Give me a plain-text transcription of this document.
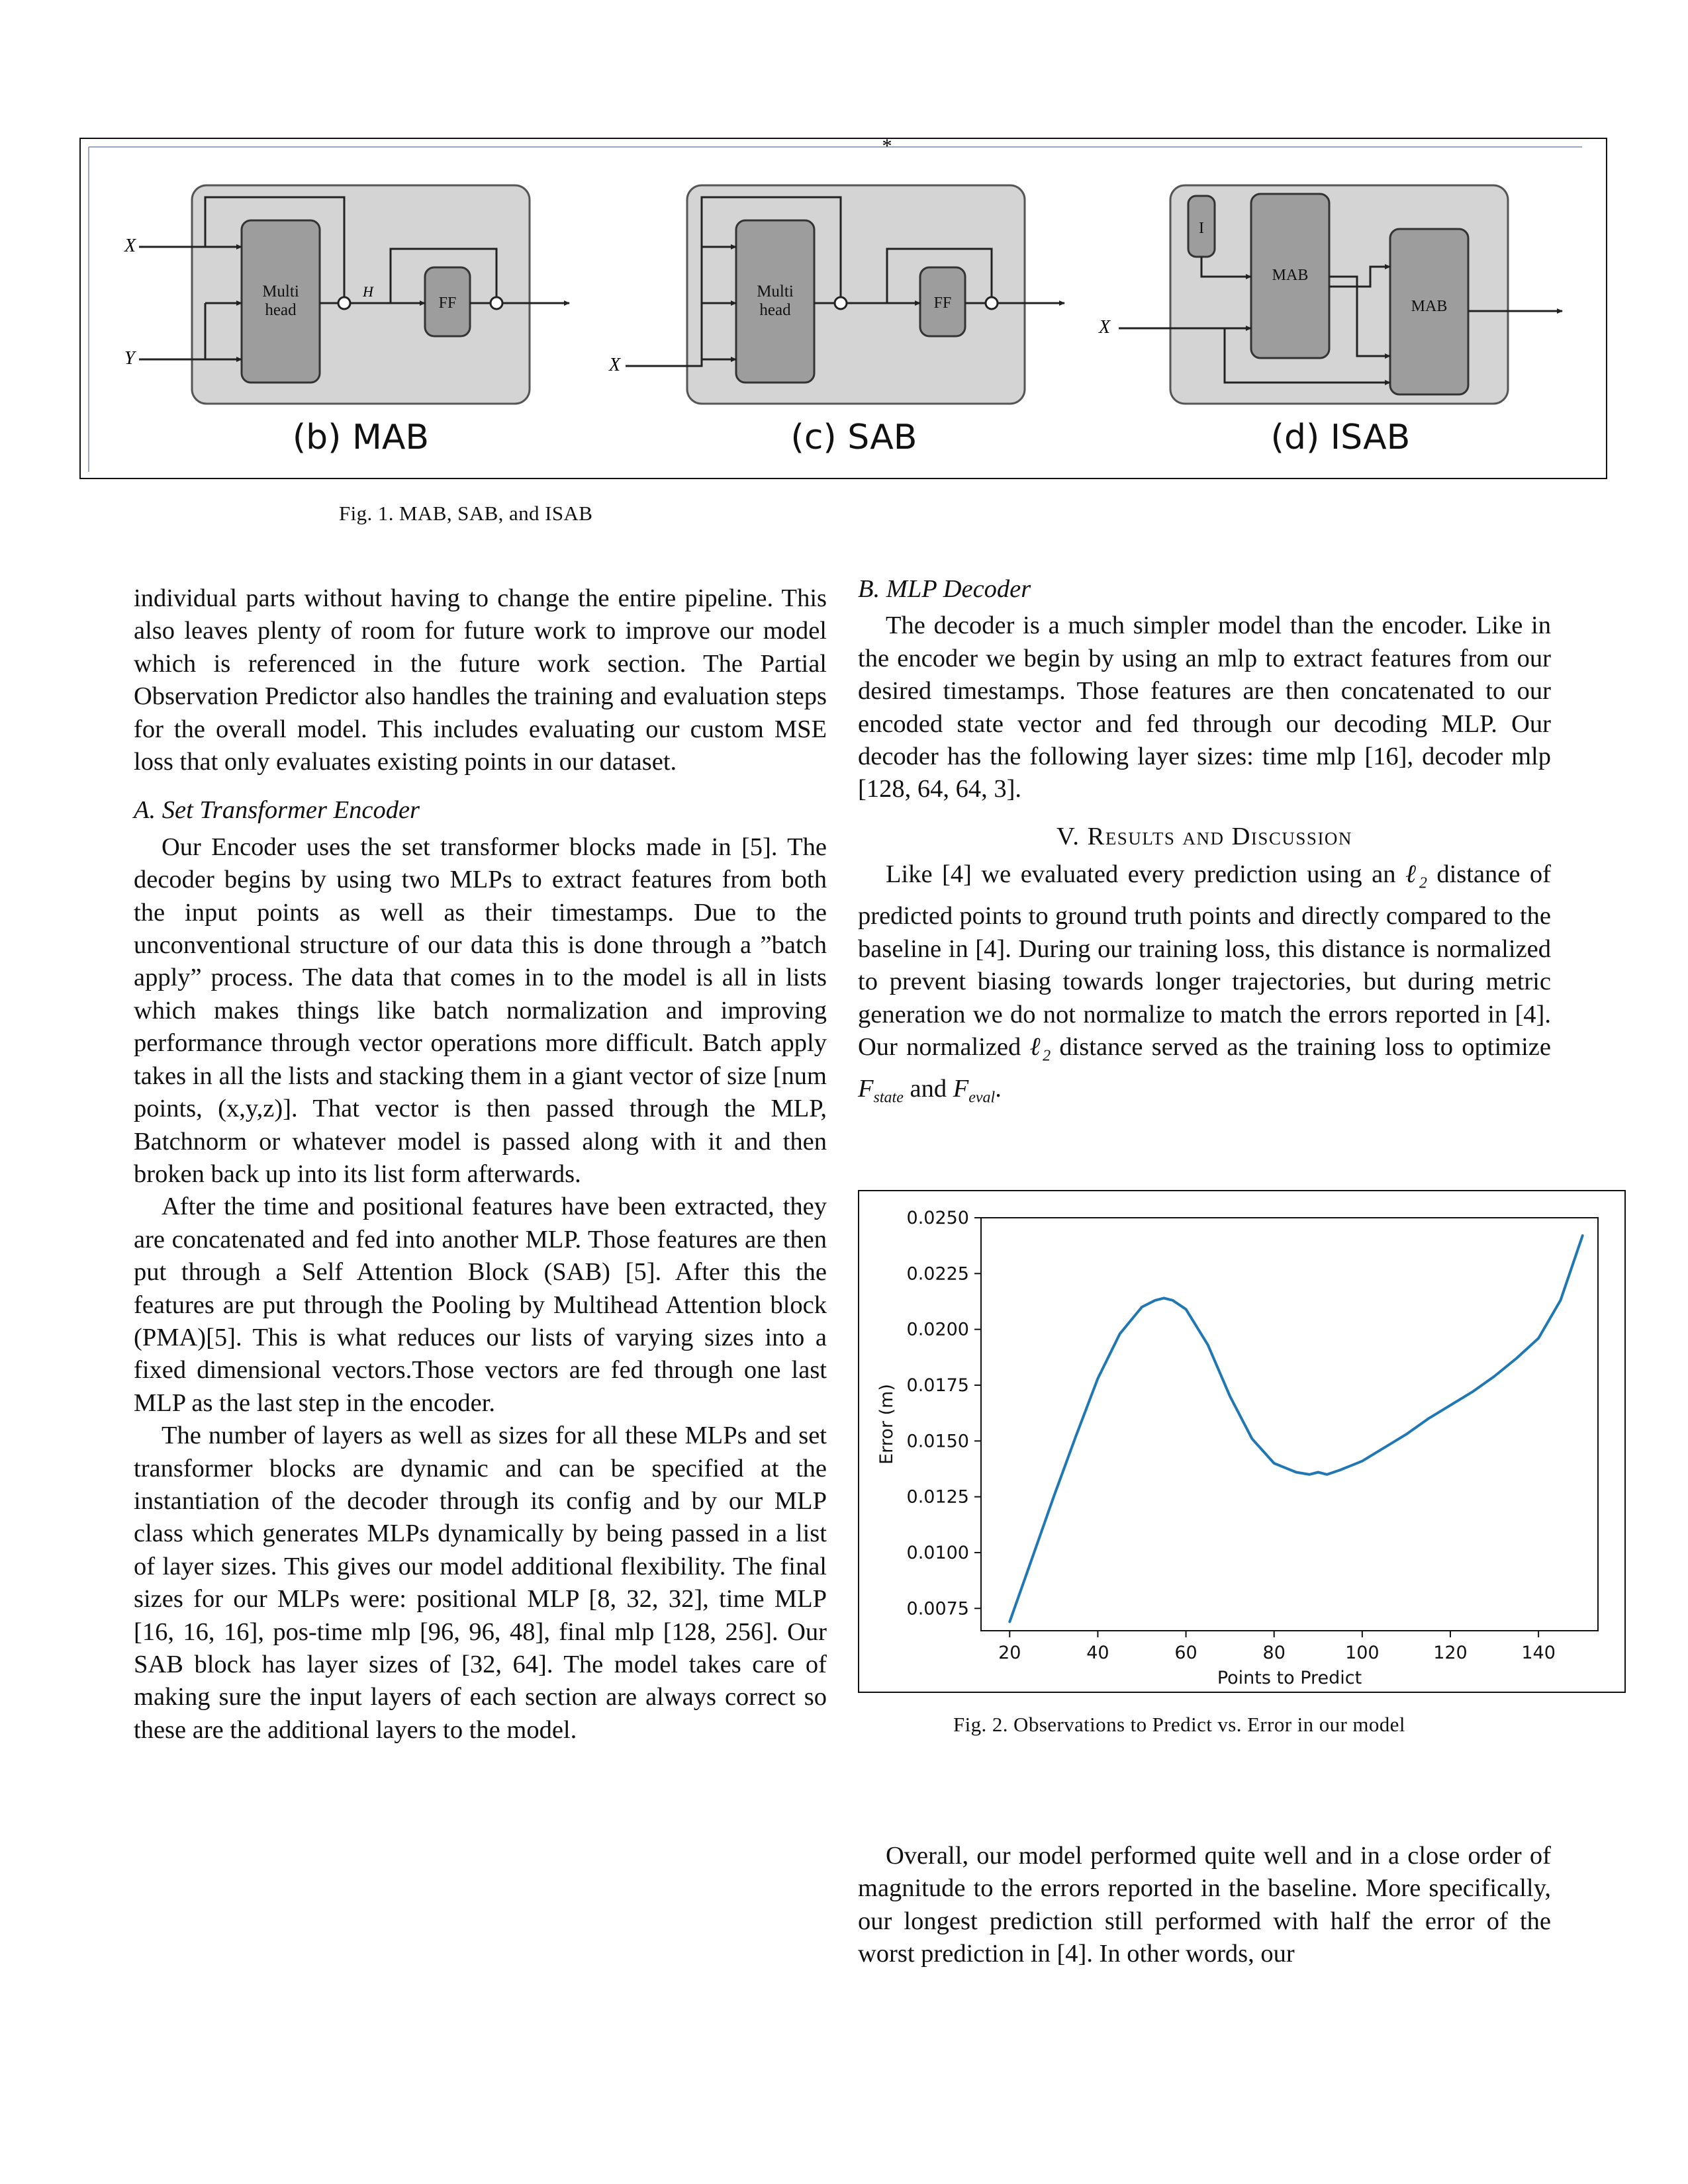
*
Multi
head	FF
X
Y
H
(b) MAB
Multi
head	FF
X
(c) SAB
I
MAB
MAB
X
(d) ISAB
Fig. 1. MAB, SAB, and ISAB

individual parts without having to change the entire pipeline. This also leaves plenty of room for future work to improve our model which is referenced in the future work section. The Partial Observation Predictor also handles the training and evaluation steps for the overall model. This includes evaluating our custom MSE loss that only evaluates existing points in our dataset.

A. Set Transformer Encoder

Our Encoder uses the set transformer blocks made in [5]. The decoder begins by using two MLPs to extract features from both the input points as well as their timestamps. Due to the unconventional structure of our data this is done through a ”batch apply” process. The data that comes in to the model is all in lists which makes things like batch normalization and improving performance through vector operations more difficult. Batch apply takes in all the lists and stacking them in a giant vector of size [num points, (x,y,z)]. That vector is then passed through the MLP, Batchnorm or whatever model is passed along with it and then broken back up into its list form afterwards.

After the time and positional features have been extracted, they are concatenated and fed into another MLP. Those features are then put through a Self Attention Block (SAB) [5]. After this the features are put through the Pooling by Multihead Attention block (PMA)[5]. This is what reduces our lists of varying sizes into a fixed dimensional vectors.Those vectors are fed through one last MLP as the last step in the encoder.

The number of layers as well as sizes for all these MLPs and set transformer blocks are dynamic and can be specified at the instantiation of the decoder through its config and by our MLP class which generates MLPs dynamically by being passed in a list of layer sizes. This gives our model additional flexibility. The final sizes for our MLPs were: positional MLP [8, 32, 32], time MLP [16, 16, 16], pos-time mlp [96, 96, 48], final mlp [128, 256]. Our SAB block has layer sizes of [32, 64]. The model takes care of making sure the input layers of each section are always correct so these are the additional layers to the model.

B. MLP Decoder

The decoder is a much simpler model than the encoder. Like in the encoder we begin by using an mlp to extract features from our desired timestamps. Those features are then concatenated to our encoded state vector and fed through our decoding MLP. Our decoder has the following layer sizes: time mlp [16], decoder mlp [128, 64, 64, 3].

V. Results and Discussion

Like [4] we evaluated every prediction using an ℓ$_2$ distance of predicted points to ground truth points and directly compared to the baseline in [4]. During our training loss, this distance is normalized to prevent biasing towards longer trajectories, but during metric generation we do not normalize to match the errors reported in [4]. Our normalized ℓ$_2$ distance served as the training loss to optimize $F_{state}$ and $F_{eval}$.

20	40	60	80	100	120	140
0.0075
0.0100
0.0125
0.0150
0.0175
0.0200
0.0225
0.0250
Points to Predict
Error (m)
Fig. 2. Observations to Predict vs. Error in our model

Overall, our model performed quite well and in a close order of magnitude to the errors reported in the baseline. More specifically, our longest prediction still performed with half the error of the worst prediction in [4]. In other words, our
